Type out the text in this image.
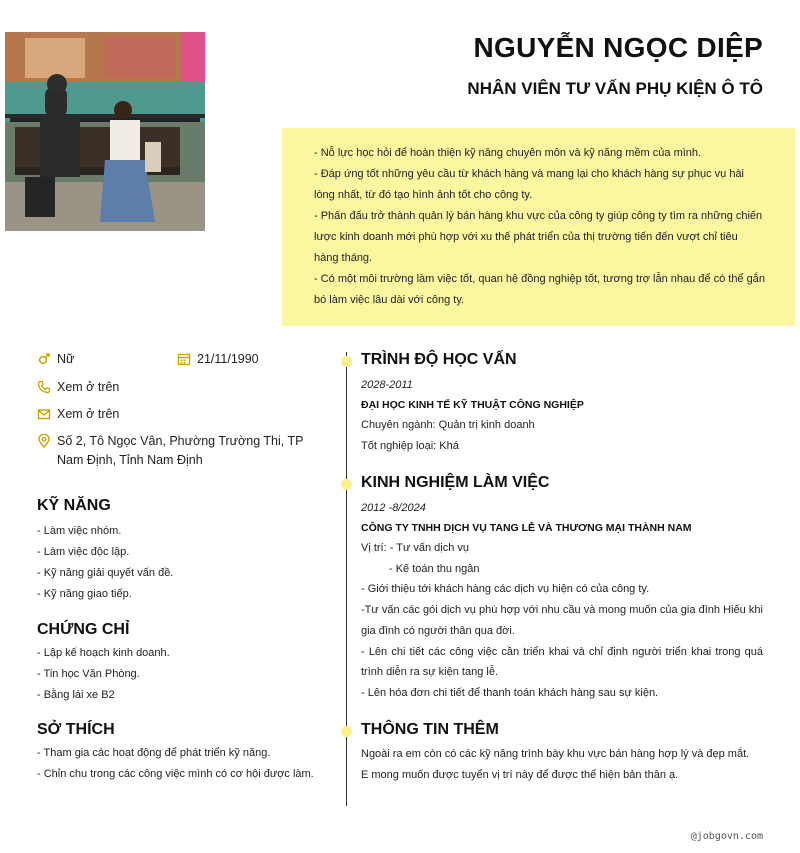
NGUYỄN NGỌC DIỆP
NHÂN VIÊN TƯ VẤN PHỤ KIỆN Ô TÔ

- Nỗ lực học hỏi để hoàn thiện kỹ năng chuyên môn và kỹ năng mềm của mình.

- Đáp ứng tốt những yêu cầu từ khách hàng và mang lại cho khách hàng sự phục vụ hài lòng nhất, từ đó tạo hình ảnh tốt cho công ty.

- Phấn đấu trở thành quản lý bán hàng khu vực của công ty giúp công ty tìm ra những chiến lược kinh doanh mới phù hợp với xu thế phát triển của thị trường tiến đến vượt chỉ tiêu hàng tháng.

- Có một môi trường làm việc tốt, quan hệ đồng nghiệp tốt, tương trợ lẫn nhau để có thể gắn bó làm việc lâu dài với công ty.

Nữ	21/11/1990
Xem ở trên
Xem ở trên
Số 2, Tô Ngọc Vân, Phường Trường Thi, TP Nam Định, Tỉnh Nam Định

KỸ NĂNG

- Làm việc nhóm.

- Làm việc độc lập.

- Kỹ năng giải quyết vấn đề.

- Kỹ năng giao tiếp.

CHỨNG CHỈ

- Lập kế hoạch kinh doanh.

- Tin học Văn Phòng.

- Bằng lái xe B2

SỞ THÍCH

- Tham gia các hoạt động để phát triển kỹ năng.

- Chỉn chu trong các công việc mình có cơ hội được làm.

TRÌNH ĐỘ HỌC VẤN

2028-2011

ĐẠI HỌC KINH TẾ KỸ THUẬT CÔNG NGHIỆP

Chuyên ngành: Quản trị kinh doanh

Tốt nghiệp loại: Khá

KINH NGHIỆM LÀM VIỆC

2012 -8/2024

CÔNG TY TNHH DỊCH VỤ TANG LỄ VÀ THƯƠNG MẠI THÀNH NAM

Vị trí: - Tư vấn dịch vụ

- Kế toán thu ngân

- Giới thiệu tới khách hàng các dịch vụ hiện có của công ty.

-Tư vấn các gói dịch vụ phù hợp với nhu cầu và mong muốn của gia đình Hiếu khi gia đình có người thân qua đời.

- Lên chi tiết các công việc cần triển khai và chỉ định người triển khai trong quá trình diễn ra sự kiện tang lễ.

- Lên hóa đơn chi tiết để thanh toán khách hàng sau sự kiện.

THÔNG TIN THÊM

Ngoài ra em còn có các kỹ năng trình bày khu vực bán hàng hợp lý và đẹp mắt.

E mong muốn được tuyển vị trí này để được thể hiện bản thân ạ.

@jobgovn.com
